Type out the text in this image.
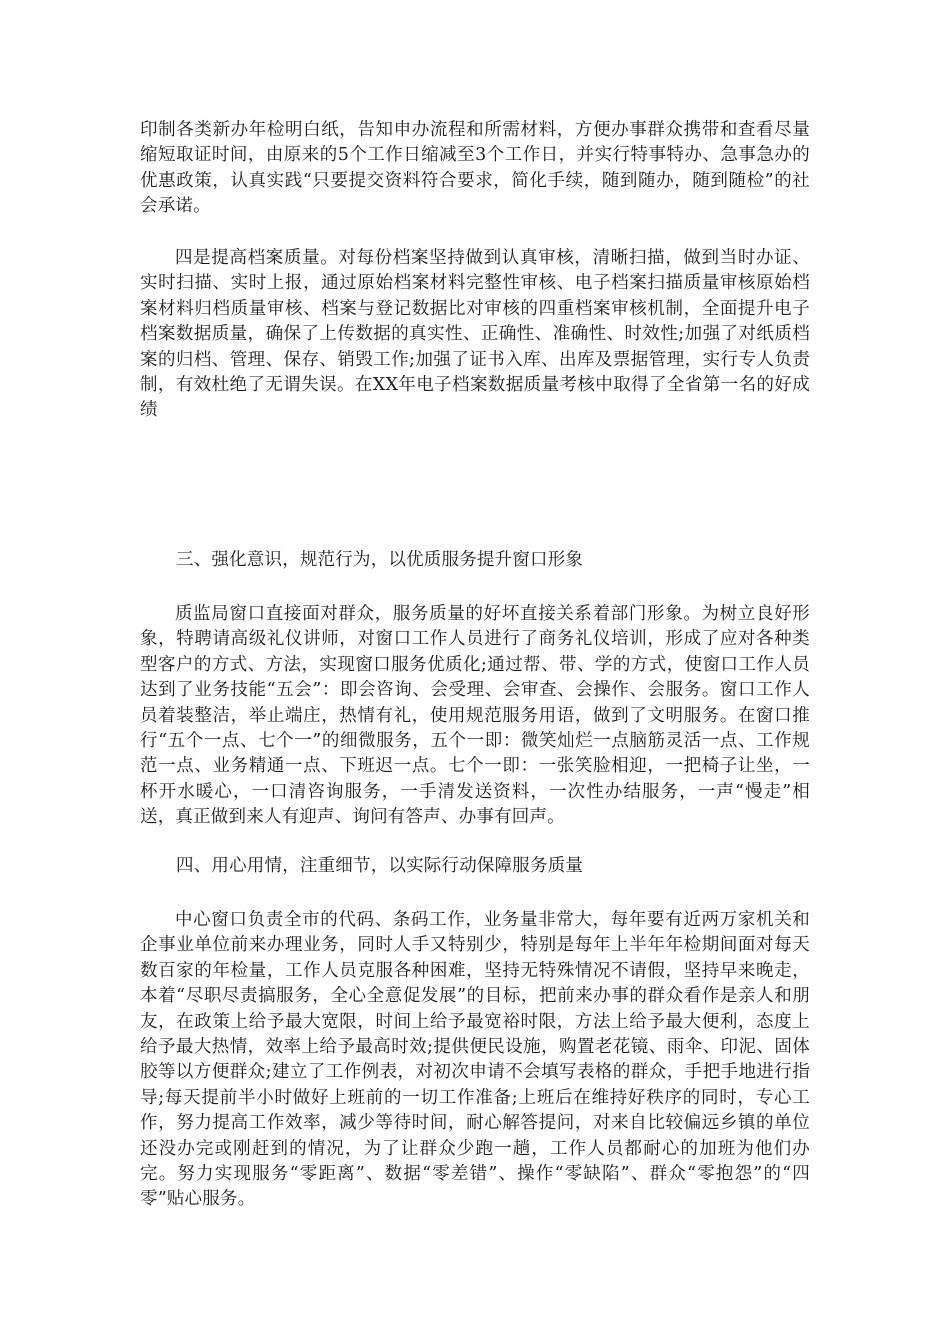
印制各类新办年检明白纸，告知申办流程和所需材料，方便办事群众携带和查看尽量缩短取证时间，由原来的5个工作日缩减至3个工作日，并实行特事特办、急事急办的优惠政策，认真实践“只要提交资料符合要求，简化手续，随到随办，随到随检”的社会承诺。

四是提高档案质量。对每份档案坚持做到认真审核，清晰扫描，做到当时办证、实时扫描、实时上报，通过原始档案材料完整性审核、电子档案扫描质量审核原始档案材料归档质量审核、档案与登记数据比对审核的四重档案审核机制，全面提升电子档案数据质量，确保了上传数据的真实性、正确性、准确性、时效性;加强了对纸质档案的归档、管理、保存、销毁工作;加强了证书入库、出库及票据管理，实行专人负责制，有效杜绝了无谓失误。在XX年电子档案数据质量考核中取得了全省第一名的好成绩

三、强化意识，规范行为，以优质服务提升窗口形象

质监局窗口直接面对群众，服务质量的好坏直接关系着部门形象。为树立良好形象，特聘请高级礼仪讲师，对窗口工作人员进行了商务礼仪培训，形成了应对各种类型客户的方式、方法，实现窗口服务优质化;通过帮、带、学的方式，使窗口工作人员达到了业务技能“五会”：即会咨询、会受理、会审查、会操作、会服务。窗口工作人员着装整洁，举止端庄，热情有礼，使用规范服务用语，做到了文明服务。在窗口推行“五个一点、七个一”的细微服务，五个一即：微笑灿烂一点脑筋灵活一点、工作规范一点、业务精通一点、下班迟一点。七个一即：一张笑脸相迎，一把椅子让坐，一杯开水暖心，一口清咨询服务，一手清发送资料，一次性办结服务，一声“慢走”相送，真正做到来人有迎声、询问有答声、办事有回声。

四、用心用情，注重细节，以实际行动保障服务质量

中心窗口负责全市的代码、条码工作，业务量非常大，每年要有近两万家机关和企事业单位前来办理业务，同时人手又特别少，特别是每年上半年年检期间面对每天数百家的年检量，工作人员克服各种困难，坚持无特殊情况不请假，坚持早来晚走，本着“尽职尽责搞服务，全心全意促发展”的目标，把前来办事的群众看作是亲人和朋友，在政策上给予最大宽限，时间上给予最宽裕时限，方法上给予最大便利，态度上给予最大热情，效率上给予最高时效;提供便民设施，购置老花镜、雨伞、印泥、固体胶等以方便群众;建立了工作例表，对初次申请不会填写表格的群众，手把手地进行指导;每天提前半小时做好上班前的一切工作准备;上班后在维持好秩序的同时，专心工作，努力提高工作效率，减少等待时间，耐心解答提问，对来自比较偏远乡镇的单位还没办完或刚赶到的情况，为了让群众少跑一趟，工作人员都耐心的加班为他们办完。努力实现服务“零距离”、数据“零差错”、操作“零缺陷”、群众“零抱怨”的“四零”贴心服务。
